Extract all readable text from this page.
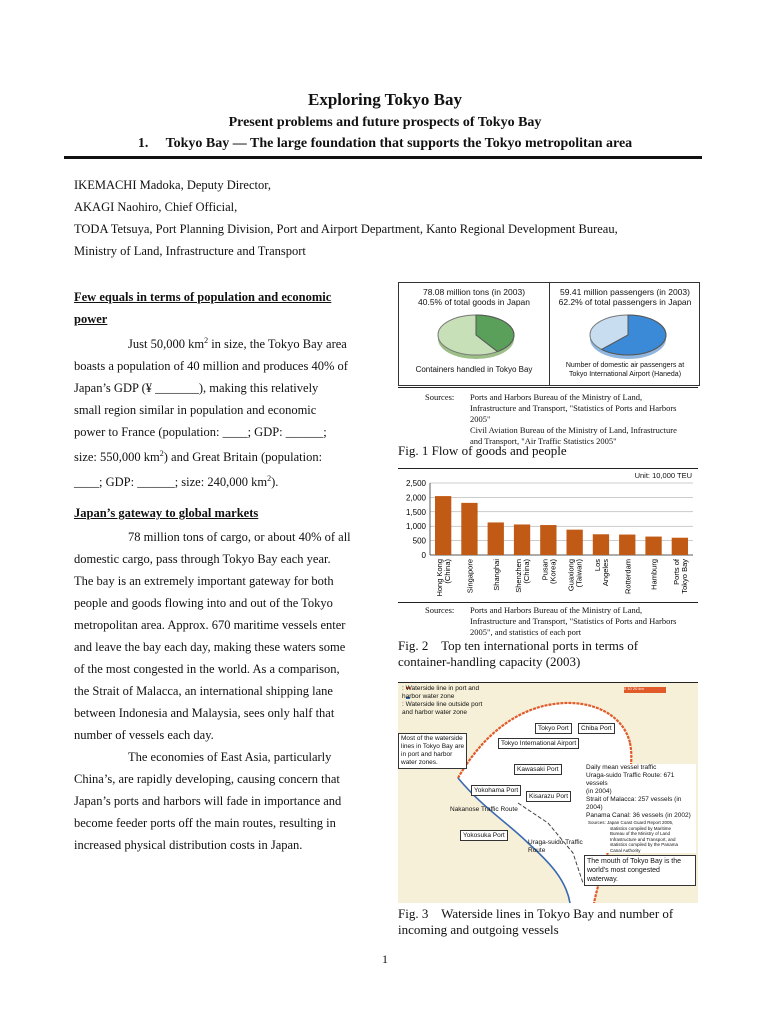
Exploring Tokyo Bay
Present problems and future prospects of Tokyo Bay
1. Tokyo Bay — The large foundation that supports the Tokyo metropolitan area
IKEMACHI Madoka, Deputy Director,
AKAGI Naohiro, Chief Official,
TODA Tetsuya, Port Planning Division, Port and Airport Department, Kanto Regional Development Bureau,
Ministry of Land, Infrastructure and Transport
Few equals in terms of population and economic
power

Just 50,000 $km^2$ in size, the Tokyo Bay area

boasts a population of 40 million and produces 40% of

Japan’s GDP (¥ _______), making this relatively

small region similar in population and economic

power to France (population: ____; GDP: ______;

size: 550,000 $km^2$) and Great Britain (population:

____; GDP: ______; size: 240,000 $km^2$).

Japan’s gateway to global markets

78 million tons of cargo, or about 40% of all

domestic cargo, pass through Tokyo Bay each year.

The bay is an extremely important gateway for both

people and goods flowing into and out of the Tokyo

metropolitan area. Approx. 670 maritime vessels enter

and leave the bay each day, making these waters some

of the most congested in the world. As a comparison,

the Strait of Malacca, an international shipping lane

between Indonesia and Malaysia, sees only half that

number of vessels each day.

The economies of East Asia, particularly

China’s, are rapidly developing, causing concern that

Japan’s ports and harbors will fade in importance and

become feeder ports off the main routes, resulting in

increased physical distribution costs in Japan.

78.08 million tons (in 2003)
40.5% of total goods in Japan
59.41 million passengers (in 2003)
62.2% of total passengers in Japan
Containers handled in Tokyo Bay	Number of domestic air passengers at
Tokyo International Airport (Haneda)
Sources: Ports and Harbors Bureau of the Ministry of Land,
Infrastructure and Transport, "Statistics of Ports and Harbors
2005"
Civil Aviation Bureau of the Ministry of Land, Infrastructure
and Transport, "Air Traffic Statistics 2005"
Fig. 1 Flow of goods and people
Unit: 10,000 TEU
0
500
1,000
1,500
2,000
2,500
Hong Kong(China) Singapore Shanghai Shenzhen(China) Pusan(Korea) Guaxiong(Taiwan) LosAngeles Rotterdam Hamburg Ports ofTokyo Bay
Sources: Ports and Harbors Bureau of the Ministry of Land,
Infrastructure and Transport, "Statistics of Ports and Harbors
2005", and statistics of each port
Fig. 2    Top ten international ports in terms of
container-handling capacity (2003)
: Waterside line in port and
harbor water zone
: Waterside line outside port
and harbor water zone
0 10 20 km
Tokyo Port	Chiba Port
Tokyo International Airport
Most of the waterside
lines in Tokyo Bay are
in port and harbor
water zones.
Kawasaki Port
Yokohama Port
Kisarazu Port
Nakanose Traffic Route
Yokosuka Port
Uraga-suido Traffic
Route
Daily mean vessel traffic
Uraga-suido Traffic Route: 671 vessels
(in 2004)
Strait of Malacca: 257 vessels (in
2004)
Panama Canal: 36 vessels (in 2002)
Sources: Japan Coast Guard Report 2005,
statistics compiled by Maritime
Bureau of the Ministry of Land
Infrastructure and Transport, and
statistics compiled by the Panama
Canal Authority
The mouth of Tokyo Bay is the
world's most congested
waterway.
Fig. 3    Waterside lines in Tokyo Bay and number of
incoming and outgoing vessels
1
